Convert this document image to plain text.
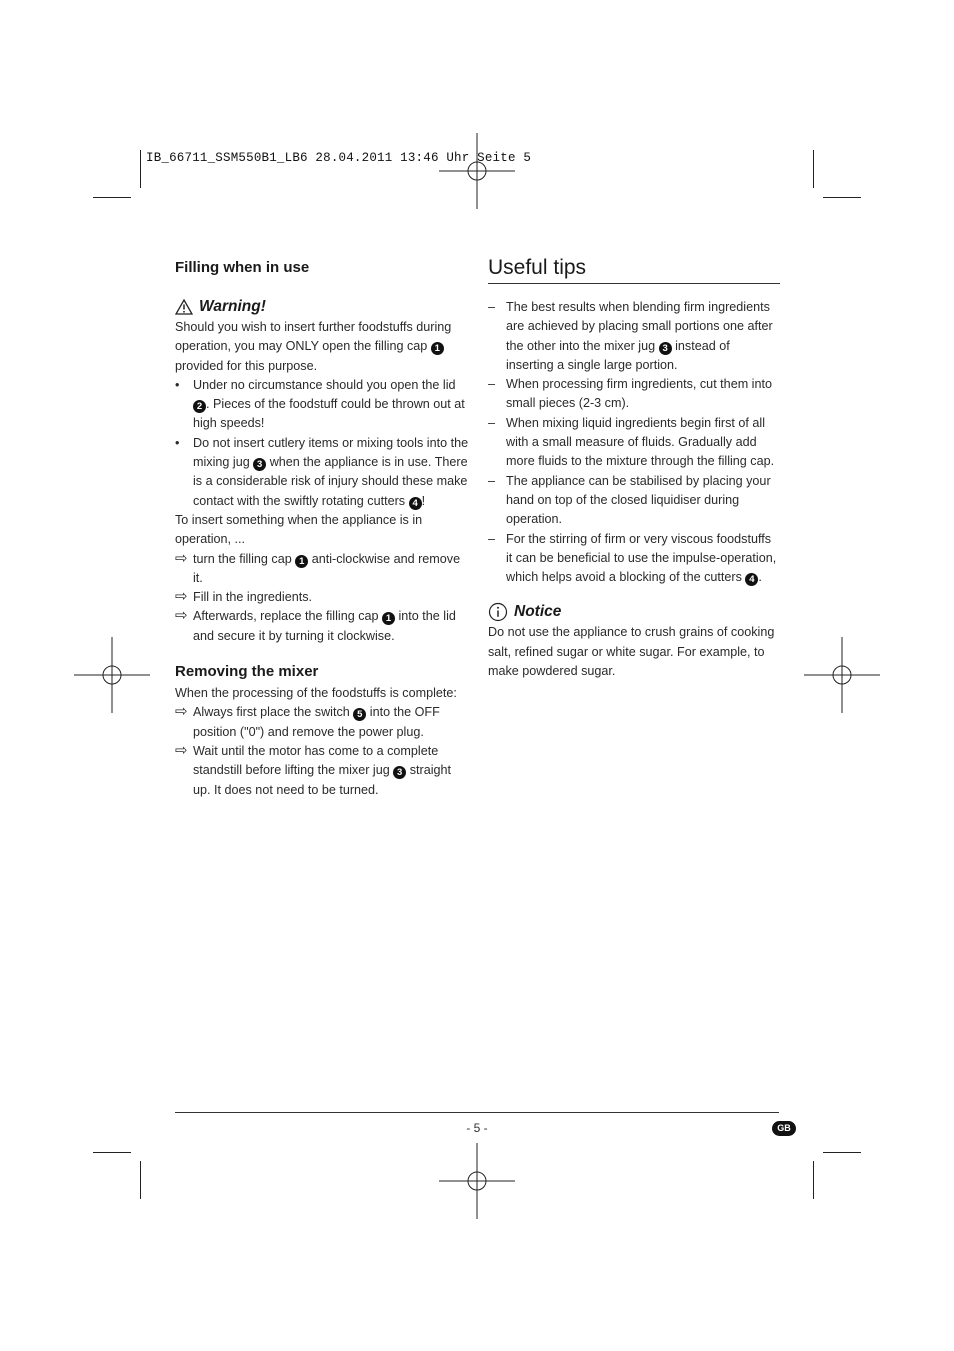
IB_66711_SSM550B1_LB6 28.04.2011 13:46 Uhr Seite 5
Filling when in use
Warning!

Should you wish to insert further foodstuffs during operation, you may ONLY open the filling cap 1 provided for this purpose.

• Under no circumstance should you open the lid 2 . Pieces of the foodstuff could be thrown out at high speeds!
• Do not insert cutlery items or mixing tools into the mixing jug 3 when the appliance is in use. There is a considerable risk of injury should these make contact with the swiftly rotating cutters 4 !

To insert something when the appliance is in operation, ...

⇨ turn the filling cap 1 anti-clockwise and remove it.
⇨ Fill in the ingredients.
⇨ Afterwards, replace the filling cap 1 into the lid and secure it by turning it clockwise.
Removing the mixer

When the processing of the foodstuffs is complete:

⇨ Always first place the switch 5 into the OFF position ("0") and remove the power plug.
⇨ Wait until the motor has come to a complete standstill before lifting the mixer jug 3 straight up. It does not need to be turned.
Useful tips
– The best results when blending firm ingredients are achieved by placing small portions one after the other into the mixer jug 3 instead of inserting a single large portion.
– When processing firm ingredients, cut them into small pieces (2-3 cm).
– When mixing liquid ingredients begin first of all with a small measure of fluids. Gradually add more fluids to the mixture through the filling cap.
– The appliance can be stabilised by placing your hand on top of the closed liquidiser during operation.
– For the stirring of firm or very viscous foodstuffs it can be beneficial to use the impulse-operation, which helps avoid a blocking of the cutters 4 .
Notice

Do not use the appliance to crush grains of cooking salt, refined sugar or white sugar. For example, to make powdered sugar.

- 5 -	GB
